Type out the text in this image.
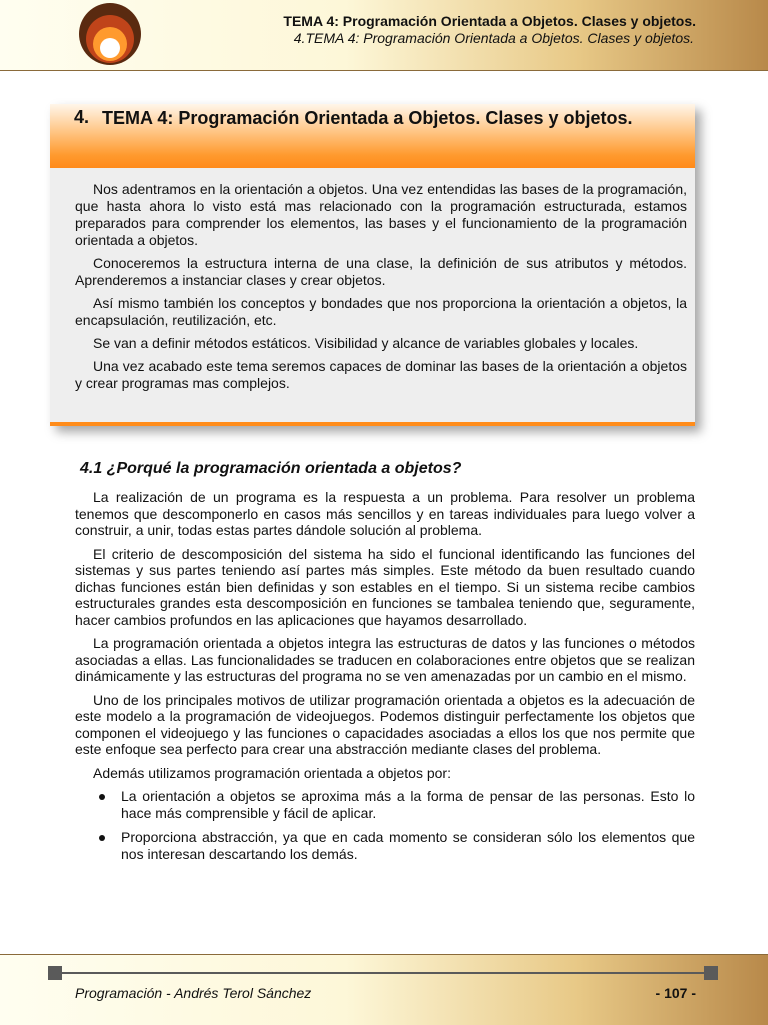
TEMA 4: Programación Orientada a Objetos. Clases y objetos.
4.TEMA 4: Programación Orientada a Objetos. Clases y objetos.
4. TEMA 4: Programación Orientada a Objetos. Clases y objetos.

Nos adentramos en la orientación a objetos. Una vez entendidas las bases de la programación, que hasta ahora lo visto está mas relacionado con la programación estructurada, estamos preparados para comprender los elementos, las bases y el funcionamiento de la programación orientada a objetos.

Conoceremos la estructura interna de una clase, la definición de sus atributos y métodos. Aprenderemos a instanciar clases y crear objetos.

Así mismo también los conceptos y bondades que nos proporciona la orientación a objetos, la encapsulación, reutilización, etc.

Se van a definir métodos estáticos. Visibilidad y alcance de variables globales y locales.

Una vez acabado este tema seremos capaces de dominar las bases de la orientación a objetos y crear programas mas complejos.

4.1 ¿Porqué la programación orientada a objetos?

La realización de un programa es la respuesta a un problema. Para resolver un problema tenemos que descomponerlo en casos más sencillos y en tareas individuales para luego volver a construir, a unir, todas estas partes dándole solución al problema.

El criterio de descomposición del sistema ha sido el funcional identificando las funciones del sistemas y sus partes teniendo así partes más simples. Este método da buen resultado cuando dichas funciones están bien definidas y son estables en el tiempo. Si un sistema recibe cambios estructurales grandes esta descomposición en funciones se tambalea teniendo que, seguramente, hacer cambios profundos en las aplicaciones que hayamos desarrollado.

La programación orientada a objetos integra las estructuras de datos y las funciones o métodos asociadas a ellas. Las funcionalidades se traducen en colaboraciones entre objetos que se realizan dinámicamente y las estructuras del programa no se ven amenazadas por un cambio en el mismo.

Uno de los principales motivos de utilizar programación orientada a objetos es la adecuación de este modelo a la programación de videojuegos. Podemos distinguir perfectamente los objetos que componen el videojuego y las funciones o capacidades asociadas a ellos los que nos permite que este enfoque sea perfecto para crear una abstracción mediante clases del problema.

Además utilizamos programación orientada a objetos por:

La orientación a objetos se aproxima más a la forma de pensar de las personas. Esto lo hace más comprensible y fácil de aplicar.
Proporciona abstracción, ya que en cada momento se consideran sólo los elementos que nos interesan descartando los demás.
Programación - Andrés Terol Sánchez	- 107 -
